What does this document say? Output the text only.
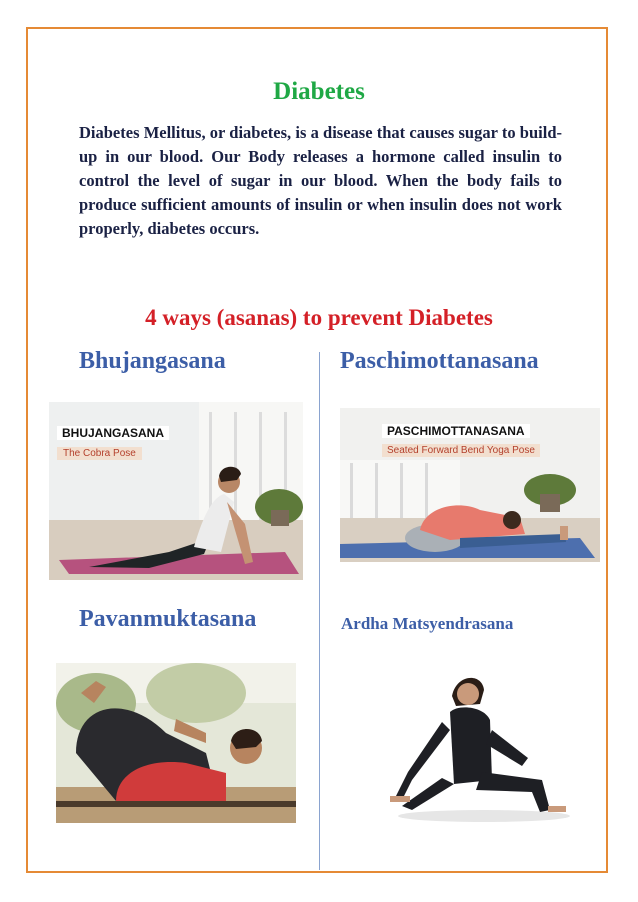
Diabetes

Diabetes Mellitus, or diabetes, is a disease that causes sugar to build-up in our blood. Our Body releases a hormone called insulin to control the level of sugar in our blood. When the body fails to produce sufficient amounts of insulin or when insulin does not work properly, diabetes occurs.

4 ways (asanas) to prevent Diabetes
Bhujangasana
BHUJANGASANA
The Cobra Pose
Paschimottanasana
PASCHIMOTTANASANA
Seated Forward Bend Yoga Pose
Pavanmuktasana	Ardha Matsyendrasana
